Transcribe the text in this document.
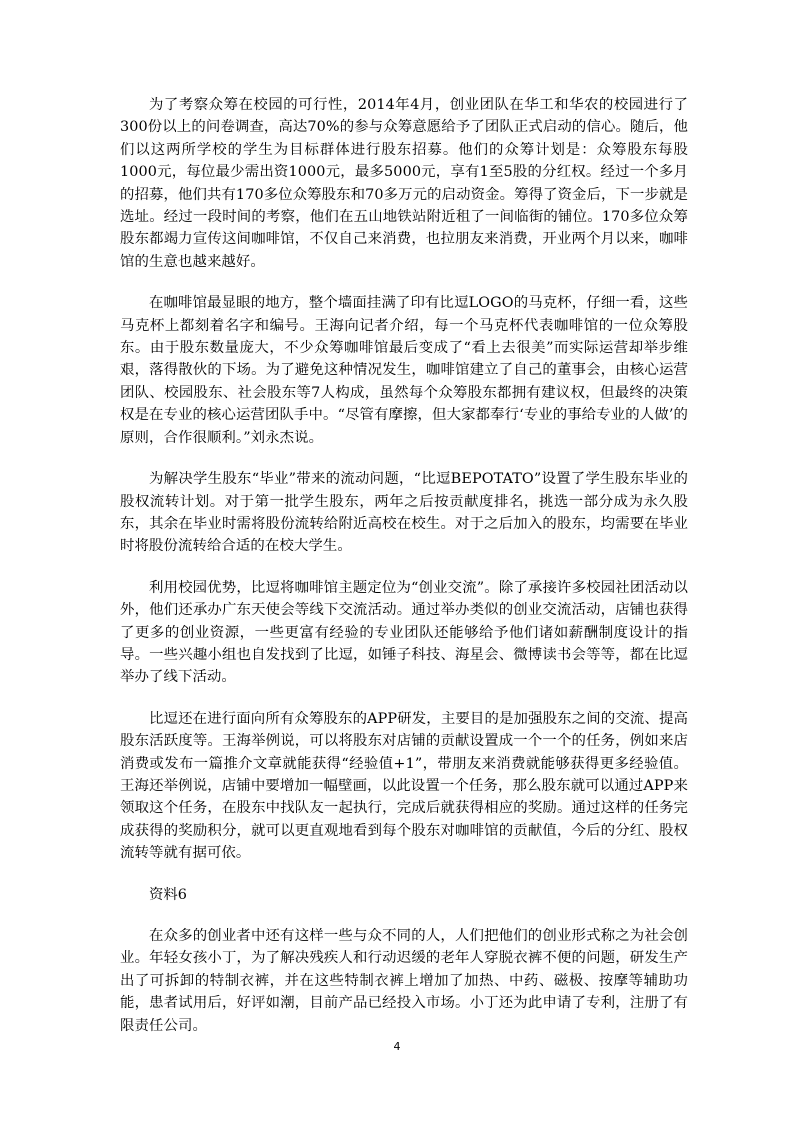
为了考察众筹在校园的可行性，2014年4月，创业团队在华工和华农的校园进行了300份以上的问卷调查，高达70%的参与众筹意愿给予了团队正式启动的信心。随后，他们以这两所学校的学生为目标群体进行股东招募。他们的众筹计划是：众筹股东每股1000元，每位最少需出资1000元，最多5000元，享有1至5股的分红权。经过一个多月的招募，他们共有170多位众筹股东和70多万元的启动资金。筹得了资金后，下一步就是选址。经过一段时间的考察，他们在五山地铁站附近租了一间临街的铺位。170多位众筹股东都竭力宣传这间咖啡馆，不仅自己来消费，也拉朋友来消费，开业两个月以来，咖啡馆的生意也越来越好。

在咖啡馆最显眼的地方，整个墙面挂满了印有比逗LOGO的马克杯，仔细一看，这些马克杯上都刻着名字和编号。王海向记者介绍，每一个马克杯代表咖啡馆的一位众筹股东。由于股东数量庞大，不少众筹咖啡馆最后变成了“看上去很美”而实际运营却举步维艰，落得散伙的下场。为了避免这种情况发生，咖啡馆建立了自己的董事会，由核心运营团队、校园股东、社会股东等7人构成，虽然每个众筹股东都拥有建议权，但最终的决策权是在专业的核心运营团队手中。“尽管有摩擦，但大家都奉行‘专业的事给专业的人做’的原则，合作很顺利。”刘永杰说。

为解决学生股东“毕业”带来的流动问题，“比逗BEPOTATO”设置了学生股东毕业的股权流转计划。对于第一批学生股东，两年之后按贡献度排名，挑选一部分成为永久股东，其余在毕业时需将股份流转给附近高校在校生。对于之后加入的股东，均需要在毕业时将股份流转给合适的在校大学生。

利用校园优势，比逗将咖啡馆主题定位为“创业交流”。除了承接许多校园社团活动以外，他们还承办广东天使会等线下交流活动。通过举办类似的创业交流活动，店铺也获得了更多的创业资源，一些更富有经验的专业团队还能够给予他们诸如薪酬制度设计的指导。一些兴趣小组也自发找到了比逗，如锤子科技、海星会、微博读书会等等，都在比逗举办了线下活动。

比逗还在进行面向所有众筹股东的APP研发，主要目的是加强股东之间的交流、提高股东活跃度等。王海举例说，可以将股东对店铺的贡献设置成一个一个的任务，例如来店消费或发布一篇推介文章就能获得“经验值+1”，带朋友来消费就能够获得更多经验值。王海还举例说，店铺中要增加一幅壁画，以此设置一个任务，那么股东就可以通过APP来领取这个任务，在股东中找队友一起执行，完成后就获得相应的奖励。通过这样的任务完成获得的奖励积分，就可以更直观地看到每个股东对咖啡馆的贡献值，今后的分红、股权流转等就有据可依。

资料6

在众多的创业者中还有这样一些与众不同的人，人们把他们的创业形式称之为社会创业。年轻女孩小丁，为了解决残疾人和行动迟缓的老年人穿脱衣裤不便的问题，研发生产出了可拆卸的特制衣裤，并在这些特制衣裤上增加了加热、中药、磁极、按摩等辅助功能，患者试用后，好评如潮，目前产品已经投入市场。小丁还为此申请了专利，注册了有限责任公司。

4
